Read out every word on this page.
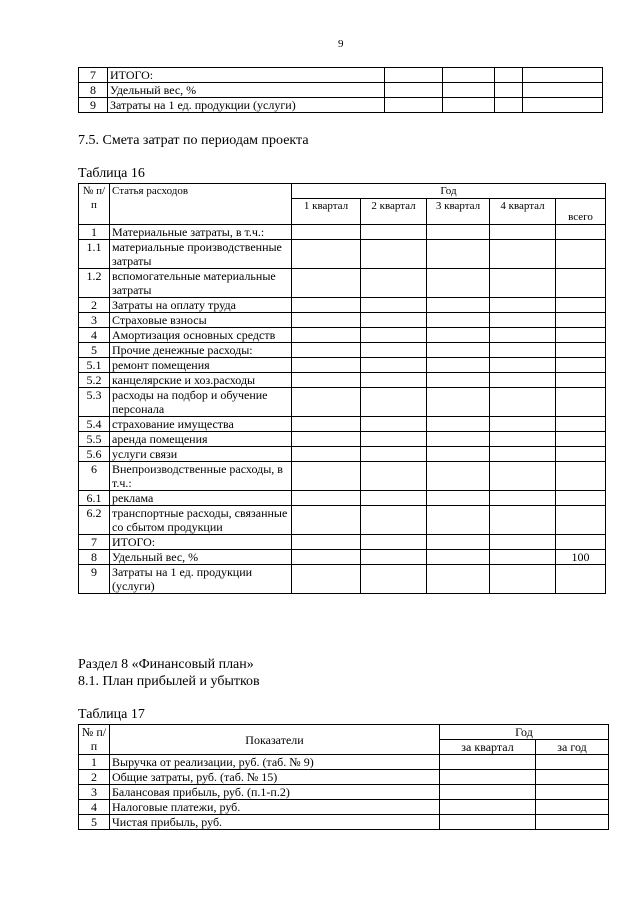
9
7	ИТОГО:				
8	Удельный вес, %				
9	Затраты на 1 ед. продукции (услуги)				
7.5. Смета затрат по периодам проекта
Таблица 16
№ п/п	Статья расходов	Год				
		1 квартал	2 квартал	3 квартал	4 квартал	всего
1	Материальные затраты, в т.ч.:					
1.1	материальные производственные затраты					
1.2	вспомогательные материальные затраты					
2	Затраты на оплату труда					
3	Страховые взносы					
4	Амортизация основных средств					
5	Прочие денежные расходы:					
5.1	ремонт помещения					
5.2	канцелярские и хоз.расходы					
5.3	расходы на подбор и обучение персонала					
5.4	страхование имущества					
5.5	аренда помещения					
5.6	услуги связи					
6	Внепроизводственные расходы, в т.ч.:					
6.1	реклама					
6.2	транспортные расходы, связанные со сбытом продукции					
7	ИТОГО:					
8	Удельный вес, %					100
9	Затраты на 1 ед. продукции (услуги)					
Раздел 8 «Финансовый план»
8.1. План прибылей и убытков
Таблица 17
№ п/п	Показатели	Год	
		за квартал	за год
1	Выручка от реализации, руб. (таб. № 9)		
2	Общие затраты, руб. (таб. № 15)		
3	Балансовая прибыль, руб. (п.1-п.2)		
4	Налоговые платежи, руб.		
5	Чистая прибыль, руб.		
